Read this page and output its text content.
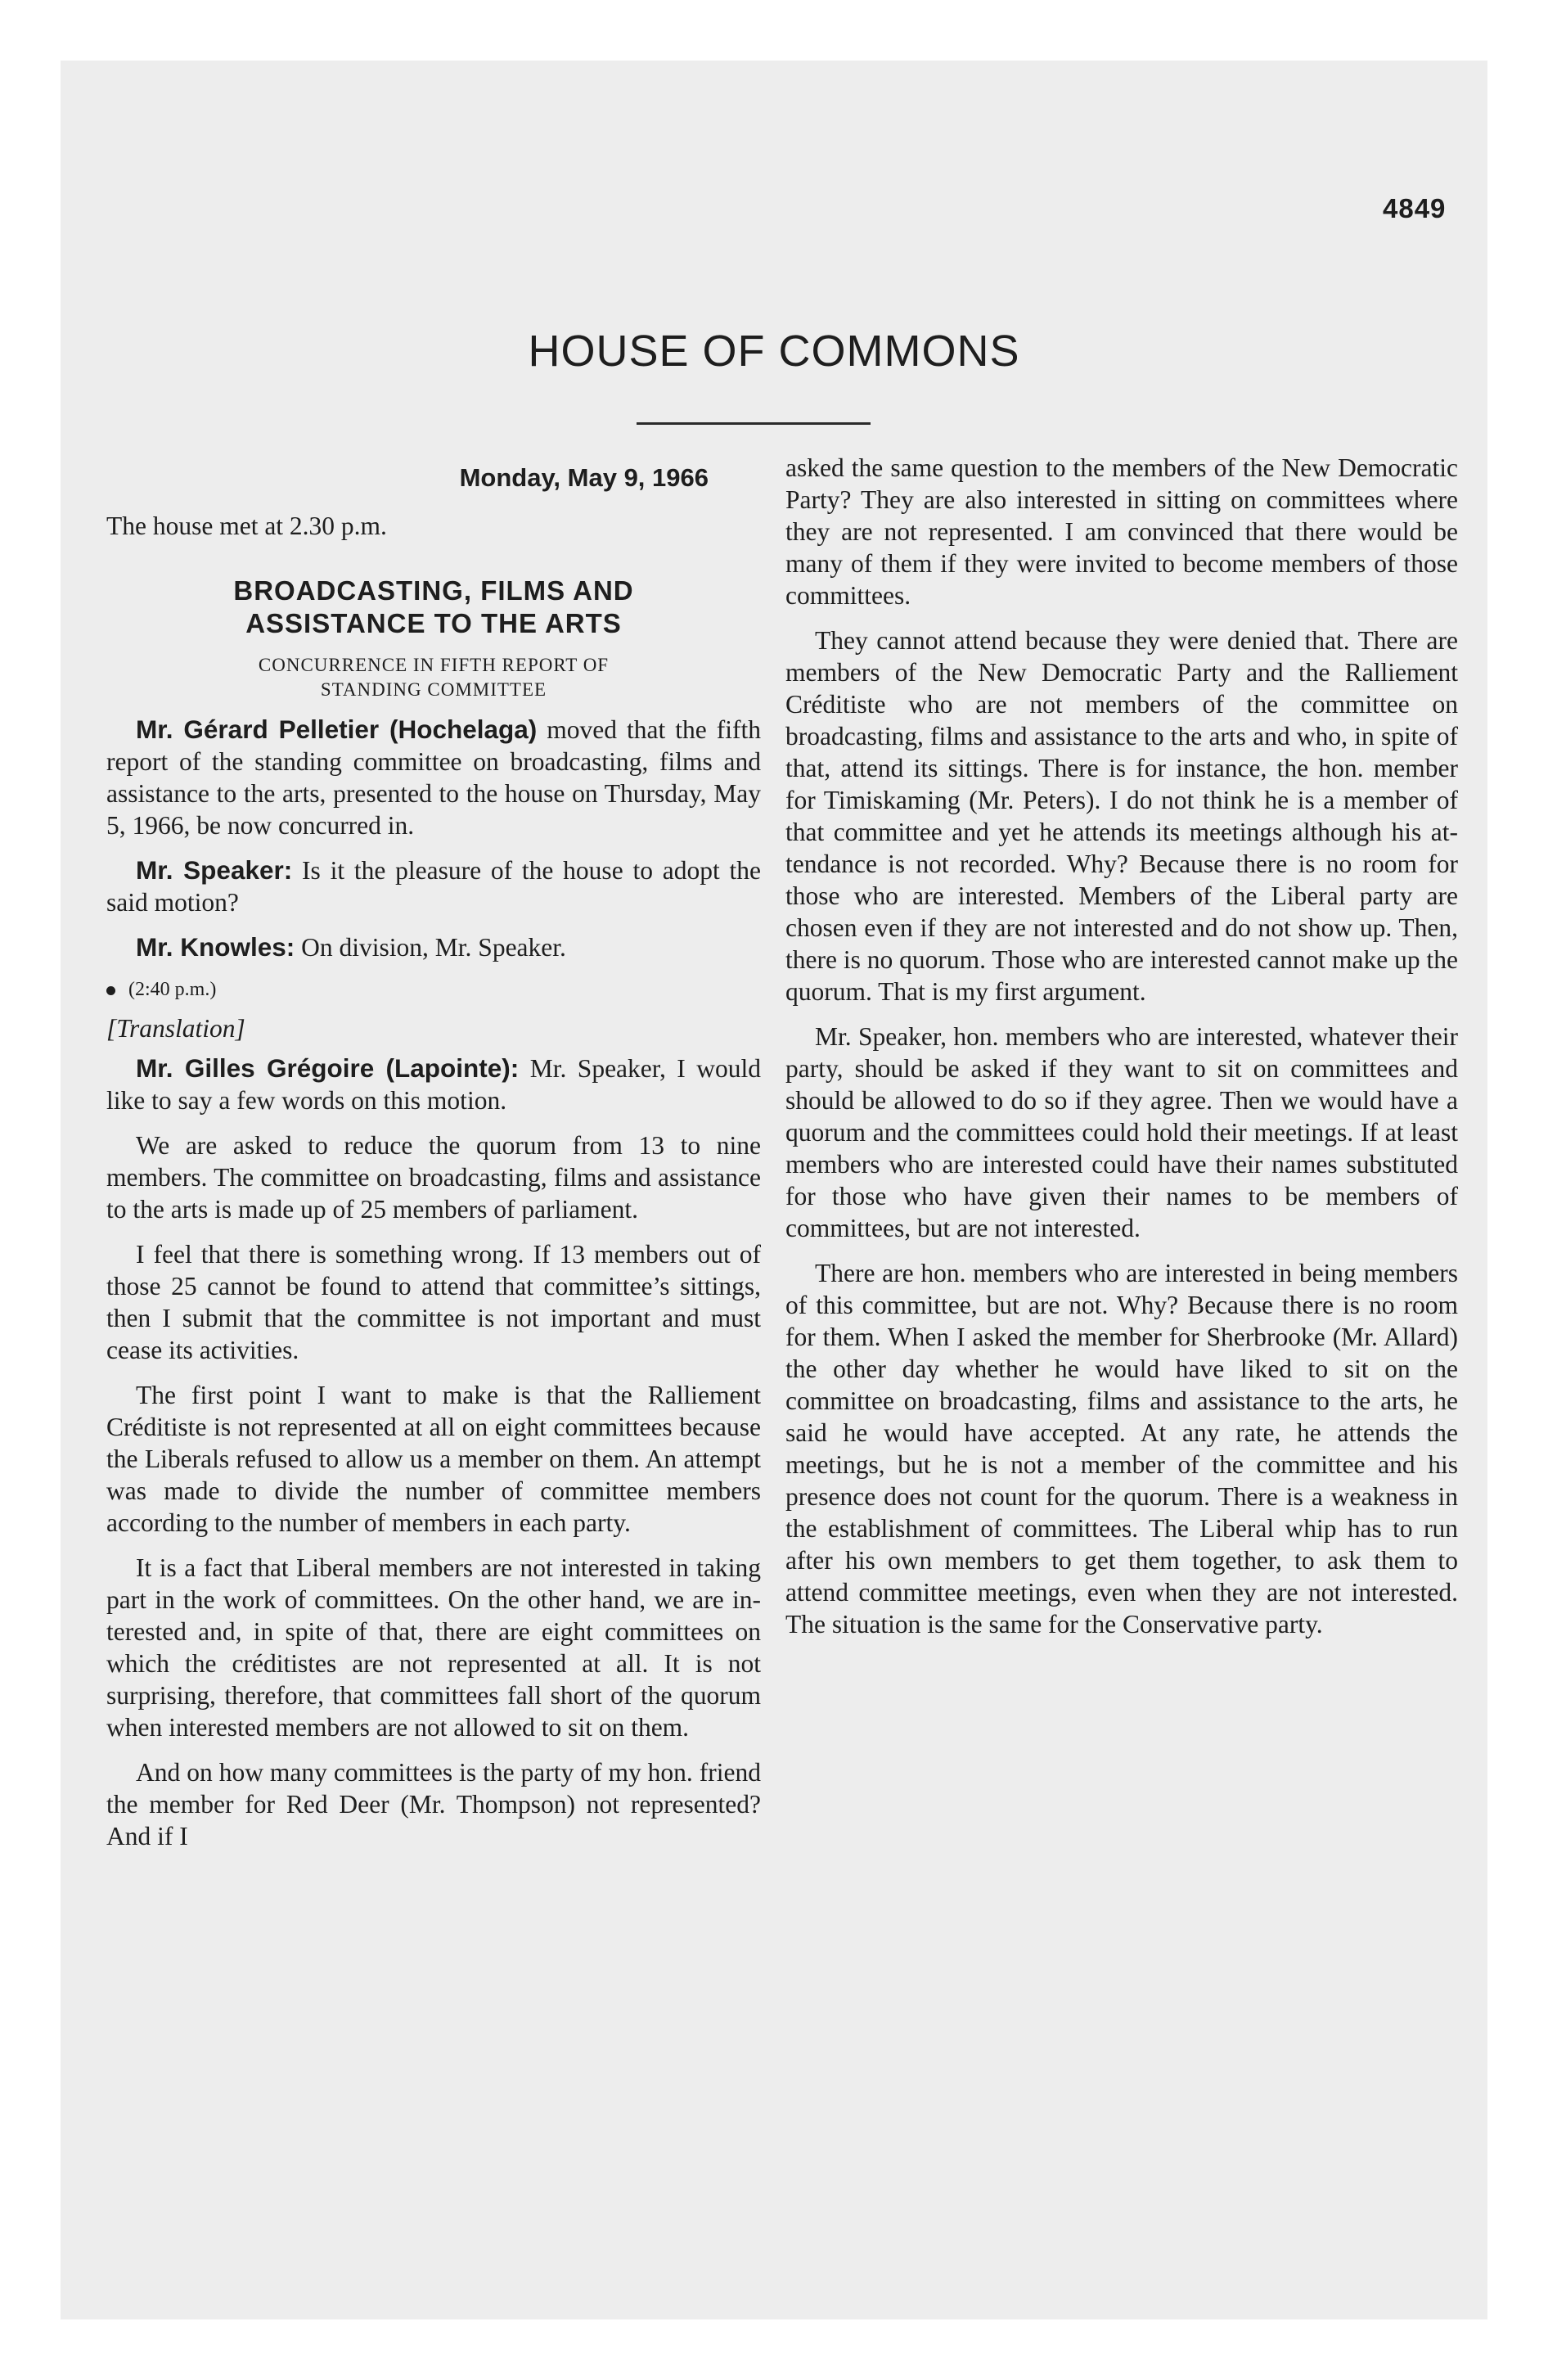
4849
HOUSE OF COMMONS
Monday, May 9, 1966

The house met at 2.30 p.m.

BROADCASTING, FILMS AND
ASSISTANCE TO THE ARTS
CONCURRENCE IN FIFTH REPORT OF
STANDING COMMITTEE

Mr. Gérard Pelletier (Hochelaga) moved that the fifth report of the standing committee on broadcasting, films and assistance to the arts, presented to the house on Thursday, May 5, 1966, be now concurred in.

Mr. Speaker: Is it the pleasure of the house to adopt the said motion?

Mr. Knowles: On division, Mr. Speaker.

(2:40 p.m.)

[Translation]

Mr. Gilles Grégoire (Lapointe): Mr. Speaker, I would like to say a few words on this motion.

We are asked to reduce the quorum from 13 to nine members. The committee on broadcasting, films and assistance to the arts is made up of 25 members of parliament.

I feel that there is something wrong. If 13 members out of those 25 cannot be found to attend that committee’s sittings, then I submit that the committee is not important and must cease its activities.

The first point I want to make is that the Ralliement Créditiste is not represented at all on eight committees because the Liberals refused to allow us a member on them. An attempt was made to divide the number of committee members according to the number of members in each party.

It is a fact that Liberal members are not interested in taking part in the work of committees. On the other hand, we are interested and, in spite of that, there are eight committees on which the créditistes are not represented at all. It is not surprising, therefore, that committees fall short of the quorum when interested members are not allowed to sit on them.

And on how many committees is the party of my hon. friend the member for Red Deer (Mr. Thompson) not represented? And if I

asked the same question to the members of the New Democratic Party? They are also interested in sitting on committees where they are not represented. I am convinced that there would be many of them if they were invited to become members of those committees.

They cannot attend because they were denied that. There are members of the New Democratic Party and the Ralliement Créditiste who are not members of the committee on broadcasting, films and assistance to the arts and who, in spite of that, attend its sittings. There is for instance, the hon. member for Timiskaming (Mr. Peters). I do not think he is a member of that committee and yet he attends its meetings although his attendance is not recorded. Why? Because there is no room for those who are interested. Members of the Liberal party are chosen even if they are not interested and do not show up. Then, there is no quorum. Those who are interested cannot make up the quorum. That is my first argument.

Mr. Speaker, hon. members who are interested, whatever their party, should be asked if they want to sit on committees and should be allowed to do so if they agree. Then we would have a quorum and the committees could hold their meetings. If at least members who are interested could have their names substituted for those who have given their names to be members of committees, but are not interested.

There are hon. members who are interested in being members of this committee, but are not. Why? Because there is no room for them. When I asked the member for Sherbrooke (Mr. Allard) the other day whether he would have liked to sit on the committee on broadcasting, films and assistance to the arts, he said he would have accepted. At any rate, he attends the meetings, but he is not a member of the committee and his presence does not count for the quorum. There is a weakness in the establishment of committees. The Liberal whip has to run after his own members to get them together, to ask them to attend committee meetings, even when they are not interested. The situation is the same for the Conservative party.
